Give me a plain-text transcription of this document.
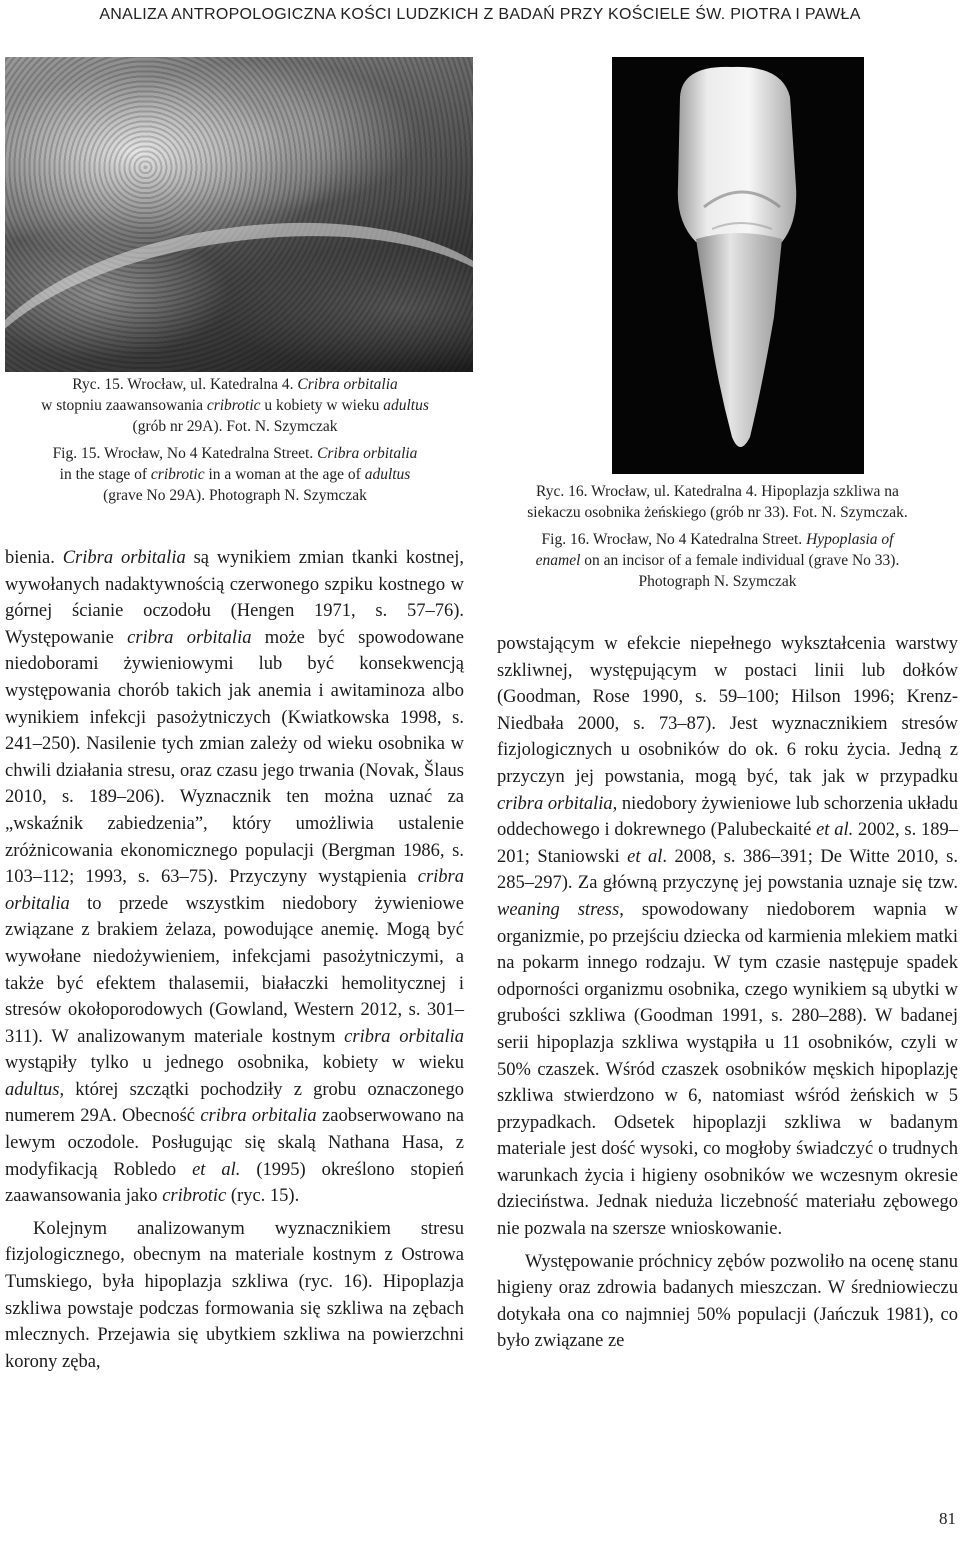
ANALIZA ANTROPOLOGICZNA KOŚCI LUDZKICH Z BADAŃ PRZY KOŚCIELE ŚW. PIOTRA I PAWŁA

Ryc. 15. Wrocław, ul. Katedralna 4. Cribra orbitalia
w stopniu zaawansowania cribrotic u kobiety w wieku adultus
(grób nr 29A). Fot. N. Szymczak

Fig. 15. Wrocław, No 4 Katedralna Street. Cribra orbitalia
in the stage of cribrotic in a woman at the age of adultus
(grave No 29A). Photograph N. Szymczak	Ryc. 16. Wrocław, ul. Katedralna 4. Hipoplazja szkliwa na
siekaczu osobnika żeńskiego (grób nr 33). Fot. N. Szymczak.

Fig. 16. Wrocław, No 4 Katedralna Street. Hypoplasia of
enamel on an incisor of a female individual (grave No 33).
Photograph N. Szymczak

bienia. Cribra orbitalia są wynikiem zmian tkanki kostnej, wywołanych nadaktywnością czerwonego szpiku kostnego w górnej ścianie oczodołu (Hengen 1971, s. 57–76). Występowanie cribra orbitalia może być spowodowane niedoborami żywieniowymi lub być konsekwencją występowania chorób takich jak anemia i awitaminoza albo wynikiem infekcji pasożytniczych (Kwiatkowska 1998, s. 241–250). Nasilenie tych zmian zależy od wieku osobnika w chwili działania stresu, oraz czasu jego trwania (Novak, Šlaus 2010, s. 189–206). Wyznacznik ten można uznać za „wskaźnik zabiedzenia”, który umożliwia ustalenie zróżnicowania ekonomicznego populacji (Bergman 1986, s. 103–112; 1993, s. 63–75). Przyczyny wystąpienia cribra orbitalia to przede wszystkim niedobory żywieniowe związane z brakiem żelaza, powodujące anemię. Mogą być wywołane niedożywieniem, infekcjami pasożytniczymi, a także być efektem thalasemii, białaczki hemolitycznej i stresów okołoporodowych (Gowland, Western 2012, s. 301–311). W analizowanym materiale kostnym cribra orbitalia wystąpiły tylko u jednego osobnika, kobiety w wieku adultus, której szczątki pochodziły z grobu oznaczonego numerem 29A. Obecność cribra orbitalia zaobserwowano na lewym oczodole. Posługując się skalą Nathana Hasa, z modyfikacją Robledo et al. (1995) określono stopień zaawansowania jako cribrotic (ryc. 15).

Kolejnym analizowanym wyznacznikiem stresu fizjologicznego, obecnym na materiale kostnym z Ostrowa Tumskiego, była hipoplazja szkliwa (ryc. 16). Hipoplazja szkliwa powstaje podczas formowania się szkliwa na zębach mlecznych. Przejawia się ubytkiem szkliwa na powierzchni korony zęba,

powstającym w efekcie niepełnego wykształcenia warstwy szkliwnej, występującym w postaci linii lub dołków (Goodman, Rose 1990, s. 59–100; Hilson 1996; Krenz-Niedbała 2000, s. 73–87). Jest wyznacznikiem stresów fizjologicznych u osobników do ok. 6 roku życia. Jedną z przyczyn jej powstania, mogą być, tak jak w przypadku cribra orbitalia, niedobory żywieniowe lub schorzenia układu oddechowego i dokrewnego (Palubeckaité et al. 2002, s. 189–201; Staniowski et al. 2008, s. 386–391; De Witte 2010, s. 285–297). Za główną przyczynę jej powstania uznaje się tzw. weaning stress, spowodowany niedoborem wapnia w organizmie, po przejściu dziecka od karmienia mlekiem matki na pokarm innego rodzaju. W tym czasie następuje spadek odporności organizmu osobnika, czego wynikiem są ubytki w grubości szkliwa (Goodman 1991, s. 280–288). W badanej serii hipoplazja szkliwa wystąpiła u 11 osobników, czyli w 50% czaszek. Wśród czaszek osobników męskich hipoplazję szkliwa stwierdzono w 6, natomiast wśród żeńskich w 5 przypadkach. Odsetek hipoplazji szkliwa w badanym materiale jest dość wysoki, co mogłoby świadczyć o trudnych warunkach życia i higieny osobników we wczesnym okresie dzieciństwa. Jednak nieduża liczebność materiału zębowego nie pozwala na szersze wnioskowanie.

Występowanie próchnicy zębów pozwoliło na ocenę stanu higieny oraz zdrowia badanych mieszczan. W średniowieczu dotykała ona co najmniej 50% populacji (Jańczuk 1981), co było związane ze

81
